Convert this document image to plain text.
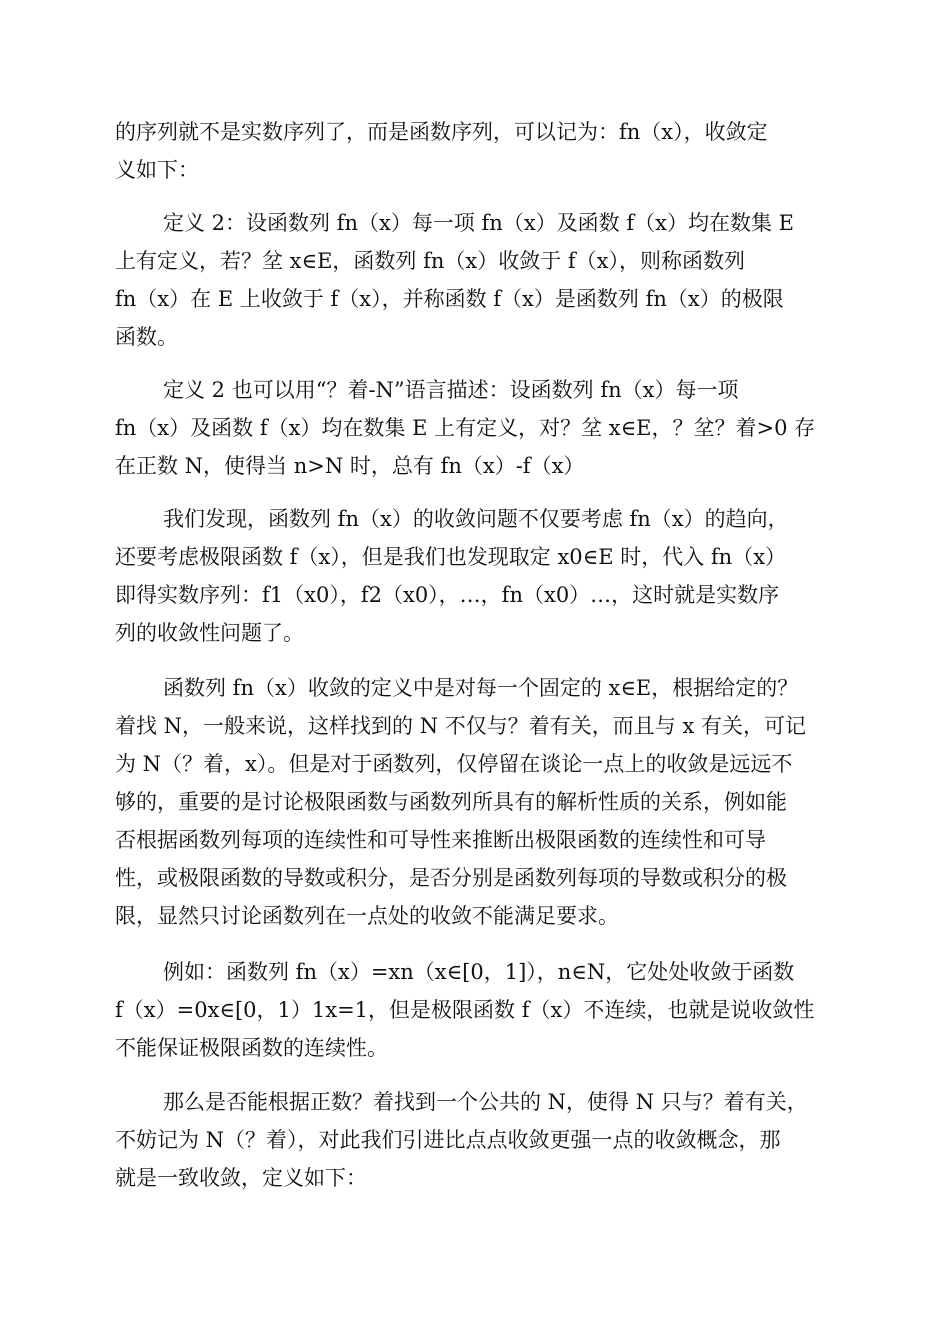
的序列就不是实数序列了，而是函数序列，可以记为：fn（x），收敛定
义如下：
定义 2：设函数列 fn（x）每一项 fn（x）及函数 f（x）均在数集 E
上有定义，若？坌 x∈E，函数列 fn（x）收敛于 f（x），则称函数列
fn（x）在 E 上收敛于 f（x），并称函数 f（x）是函数列 fn（x）的极限
函数。
定义 2 也可以用“？着-N”语言描述：设函数列 fn（x）每一项
fn（x）及函数 f（x）均在数集 E 上有定义，对？坌 x∈E，？坌？着>0 存
在正数 N，使得当 n>N 时，总有 fn（x）-f（x）
我们发现，函数列 fn（x）的收敛问题不仅要考虑 fn（x）的趋向，
还要考虑极限函数 f（x），但是我们也发现取定 x0∈E 时，代入 fn（x）
即得实数序列：f1（x0），f2（x0），…，fn（x0）…，这时就是实数序
列的收敛性问题了。
函数列 fn（x）收敛的定义中是对每一个固定的 x∈E，根据给定的？
着找 N，一般来说，这样找到的 N 不仅与？着有关，而且与 x 有关，可记
为 N（？着，x）。但是对于函数列，仅停留在谈论一点上的收敛是远远不
够的，重要的是讨论极限函数与函数列所具有的解析性质的关系，例如能
否根据函数列每项的连续性和可导性来推断出极限函数的连续性和可导
性，或极限函数的导数或积分，是否分别是函数列每项的导数或积分的极
限，显然只讨论函数列在一点处的收敛不能满足要求。
例如：函数列 fn（x）=xn（x∈[0，1]），n∈N，它处处收敛于函数
f（x）=0x∈[0，1）1x=1，但是极限函数 f（x）不连续，也就是说收敛性
不能保证极限函数的连续性。
那么是否能根据正数？着找到一个公共的 N，使得 N 只与？着有关，
不妨记为 N（？着），对此我们引进比点点收敛更强一点的收敛概念，那
就是一致收敛，定义如下：
